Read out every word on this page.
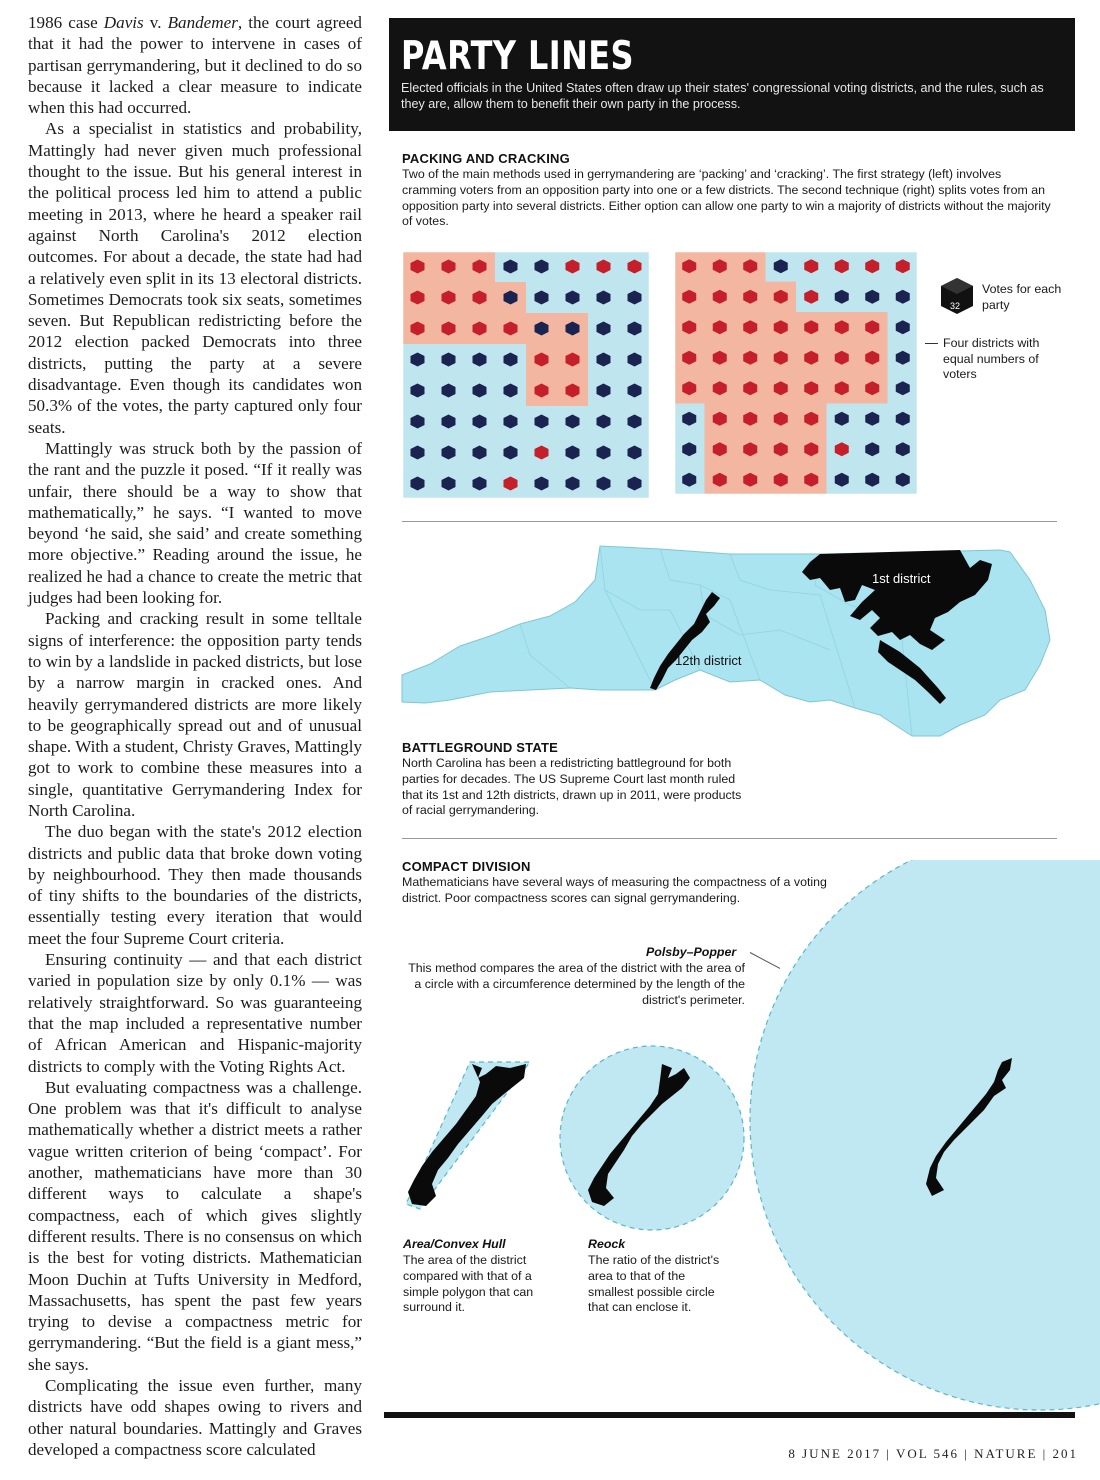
1986 case Davis v. Bandemer, the court agreed that it had the power to intervene in cases of partisan gerrymandering, but it declined to do so because it lacked a clear measure to indicate when this had occurred.

As a specialist in statistics and probability, Mattingly had never given much professional thought to the issue. But his general interest in the political process led him to attend a public meeting in 2013, where he heard a speaker rail against North Carolina's 2012 election outcomes. For about a decade, the state had had a relatively even split in its 13 electoral districts. Sometimes Democrats took six seats, sometimes seven. But Republican redistricting before the 2012 election packed Democrats into three districts, putting the party at a severe disadvantage. Even though its candidates won 50.3% of the votes, the party captured only four seats.

Mattingly was struck both by the passion of the rant and the puzzle it posed. “If it really was unfair, there should be a way to show that mathematically,” he says. “I wanted to move beyond ‘he said, she said’ and create something more objective.” Reading around the issue, he realized he had a chance to create the metric that judges had been looking for.

Packing and cracking result in some telltale signs of interference: the opposition party tends to win by a landslide in packed districts, but lose by a narrow margin in cracked ones. And heavily gerrymandered districts are more likely to be geographically spread out and of unusual shape. With a student, Christy Graves, Mattingly got to work to combine these measures into a single, quantitative Gerrymandering Index for North Carolina.

The duo began with the state's 2012 election districts and public data that broke down voting by neighbourhood. They then made thousands of tiny shifts to the boundaries of the districts, essentially testing every iteration that would meet the four Supreme Court criteria.

Ensuring continuity — and that each district varied in population size by only 0.1% — was relatively straightforward. So was guaranteeing that the map included a representative number of African American and Hispanic-majority districts to comply with the Voting Rights Act.

But evaluating compactness was a challenge. One problem was that it's difficult to analyse mathematically whether a district meets a rather vague written criterion of being ‘compact’. For another, mathematicians have more than 30 different ways to calculate a shape's compactness, each of which gives slightly different results. There is no consensus on which is the best for voting districts. Mathematician Moon Duchin at Tufts University in Medford, Massachusetts, has spent the past few years trying to devise a compactness metric for gerrymandering. “But the field is a giant mess,” she says.

Complicating the issue even further, many districts have odd shapes owing to rivers and other natural boundaries. Mattingly and Graves developed a compactness score calculated

PARTY LINES
Elected officials in the United States often draw up their states' congressional voting districts, and the rules, such as they are, allow them to benefit their own party in the process.
PACKING AND CRACKING
Two of the main methods used in gerrymandering are ‘packing’ and ‘cracking’. The first strategy (left) involves cramming voters from an opposition party into one or a few districts. The second technique (right) splits votes from an opposition party into several districts. Either option can allow one party to win a majority of districts without the majority of votes.
32
Votes for each party
Four districts with equal numbers of voters
1st district
12th district
BATTLEGROUND STATE
North Carolina has been a redistricting battleground for both parties for decades. The US Supreme Court last month ruled that its 1st and 12th districts, drawn up in 2011, were products of racial gerrymandering.
COMPACT DIVISION
Mathematicians have several ways of measuring the compactness of a voting district. Poor compactness scores can signal gerrymandering.
Polsby–Popper
This method compares the area of the district with the area of a circle with a circumference determined by the length of the district's perimeter.
Area/Convex Hull
The area of the district compared with that of a simple polygon that can surround it.
Reock
The ratio of the district's area to that of the smallest possible circle that can enclose it.
8 JUNE 2017 | VOL 546 | NATURE | 201
